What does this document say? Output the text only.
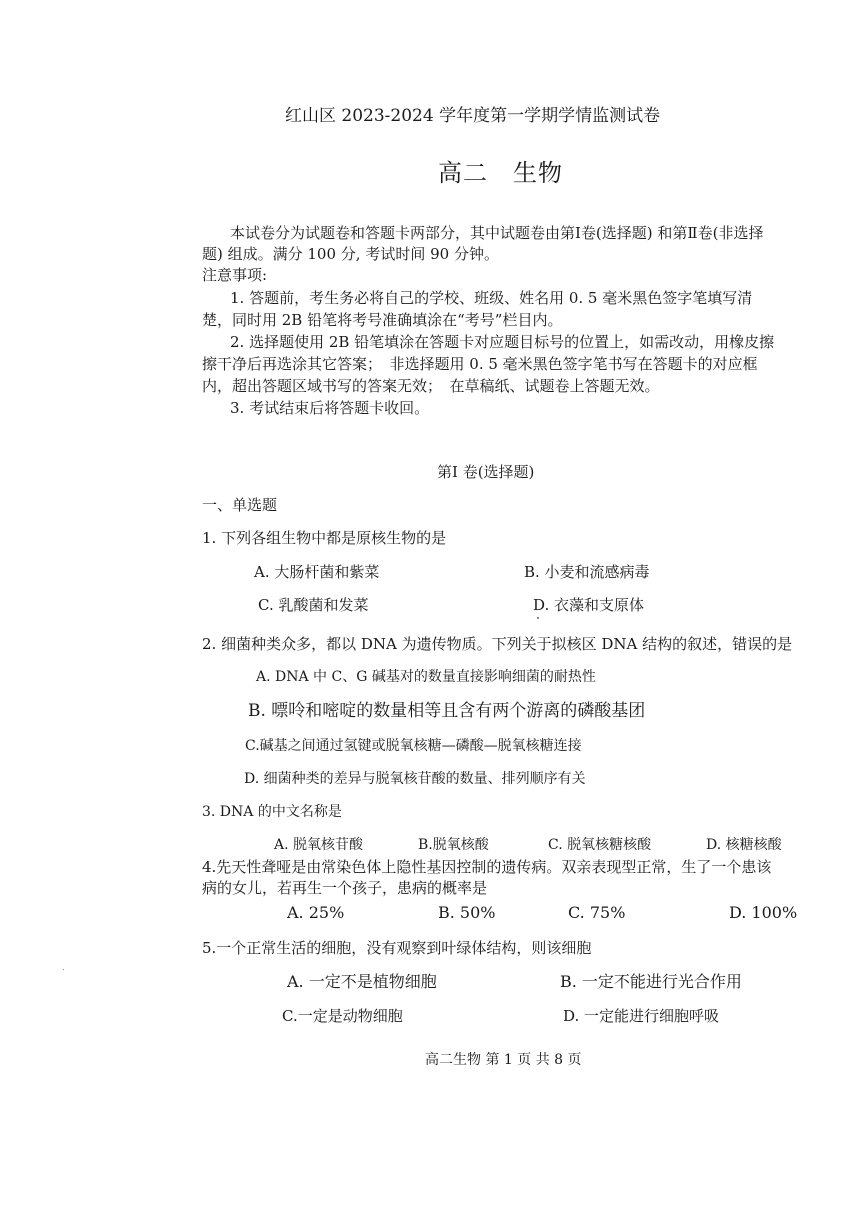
红山区 2023-2024 学年度第一学期学情监测试卷
高二　生物
本试卷分为试题卷和答题卡两部分，其中试题卷由第Ⅰ卷(选择题) 和第Ⅱ卷(非选择
题) 组成。满分 100 分, 考试时间 90 分钟。
注意事项:
1. 答题前，考生务必将自己的学校、班级、姓名用 0. 5 毫米黑色签字笔填写清
楚，同时用 2B 铅笔将考号准确填涂在“考号”栏目内。
2. 选择题使用 2B 铅笔填涂在答题卡对应题目标号的位置上，如需改动，用橡皮擦
擦干净后再选涂其它答案；　非选择题用 0. 5 毫米黑色签字笔书写在答题卡的对应框
内，超出答题区域书写的答案无效；　在草稿纸、试题卷上答题无效。
3. 考试结束后将答题卡收回。
第Ⅰ 卷(选择题)
一、单选题
1. 下列各组生物中都是原核生物的是
A. 大肠杆菌和紫菜	B. 小麦和流感病毒
C. 乳酸菌和发菜	D. 衣藻和支原体
2. 细菌种类众多，都以 DNA 为遗传物质。下列关于拟核区 DNA 结构的叙述，错误的是
A. DNA 中 C、G 碱基对的数量直接影响细菌的耐热性
B. 嘌呤和嘧啶的数量相等且含有两个游离的磷酸基团
C.碱基之间通过氢键或脱氧核糖—磷酸—脱氧核糖连接
D. 细菌种类的差异与脱氧核苷酸的数量、排列顺序有关
3. DNA 的中文名称是
A. 脱氧核苷酸	B.脱氧核酸	C. 脱氧核糖核酸	D. 核糖核酸
4.先天性聋哑是由常染色体上隐性基因控制的遗传病。双亲表现型正常，生了一个患该
病的女儿，若再生一个孩子，患病的概率是
A. 25%	B. 50%	C. 75%	D. 100%
5.一个正常生活的细胞，没有观察到叶绿体结构，则该细胞
A. 一定不是植物细胞	B. 一定不能进行光合作用
C.一定是动物细胞	D. 一定能进行细胞呼吸
高二生物 第 1 页 共 8 页
